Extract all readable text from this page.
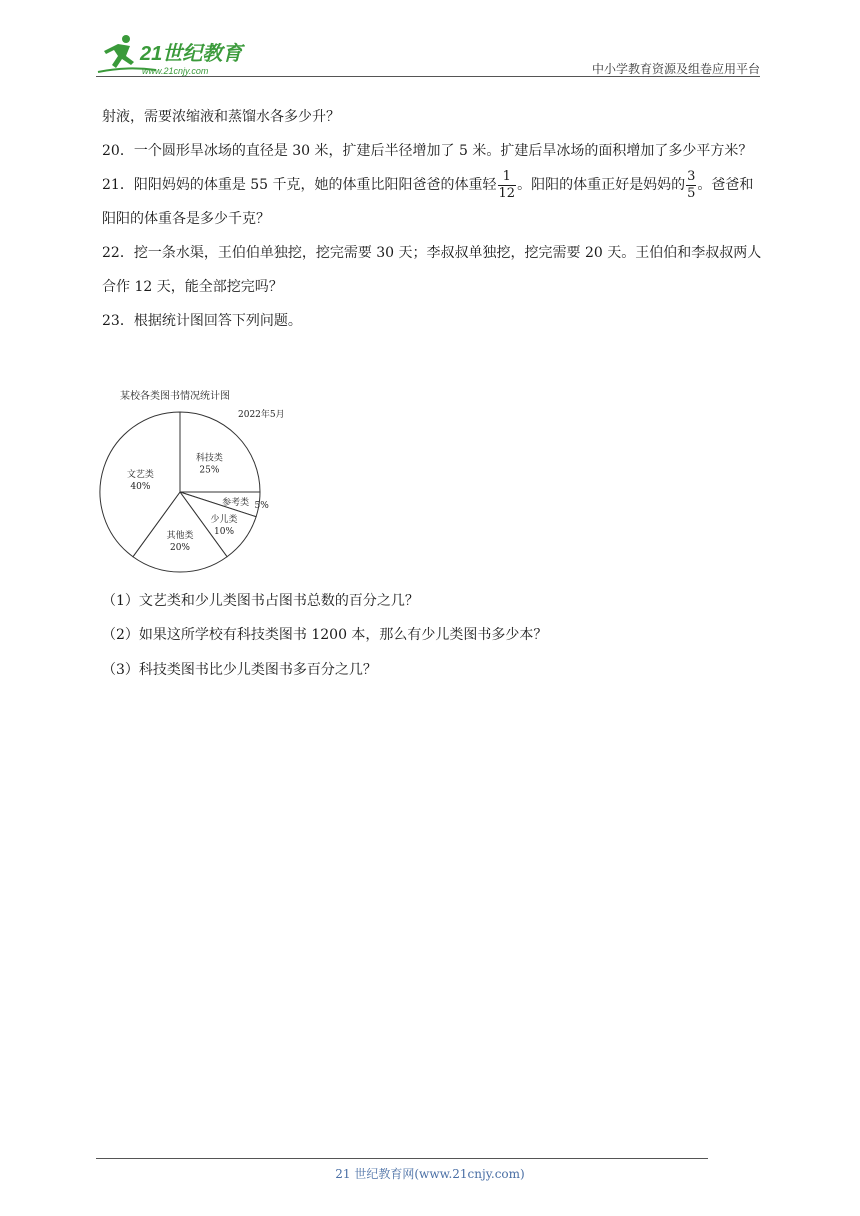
21世纪教育
www.21cnjy.com	中小学教育资源及组卷应用平台

射液，需要浓缩液和蒸馏水各多少升？

20．一个圆形旱冰场的直径是 30 米，扩建后半径增加了 5 米。扩建后旱冰场的面积增加了多少平方米？

21．阳阳妈妈的体重是 55 千克，她的体重比阳阳爸爸的体重轻 $\frac{1}{12}$ 。阳阳的体重正好是妈妈的 $\frac{3}{5}$ 。爸爸和阳阳的体重各是多少千克？

22．挖一条水渠，王伯伯单独挖，挖完需要 30 天；李叔叔单独挖，挖完需要 20 天。王伯伯和李叔叔两人合作 12 天，能全部挖完吗？

23．根据统计图回答下列问题。

某校各类图书情况统计图
2022年5月
科技类
25%
参考类 5%
少儿类
10%
其他类
20%
文艺类
40%
（1）文艺类和少儿类图书占图书总数的百分之几？
（2）如果这所学校有科技类图书 1200 本，那么有少儿类图书多少本？
（3）科技类图书比少儿类图书多百分之几？
21 世纪教育网(www.21cnjy.com)
